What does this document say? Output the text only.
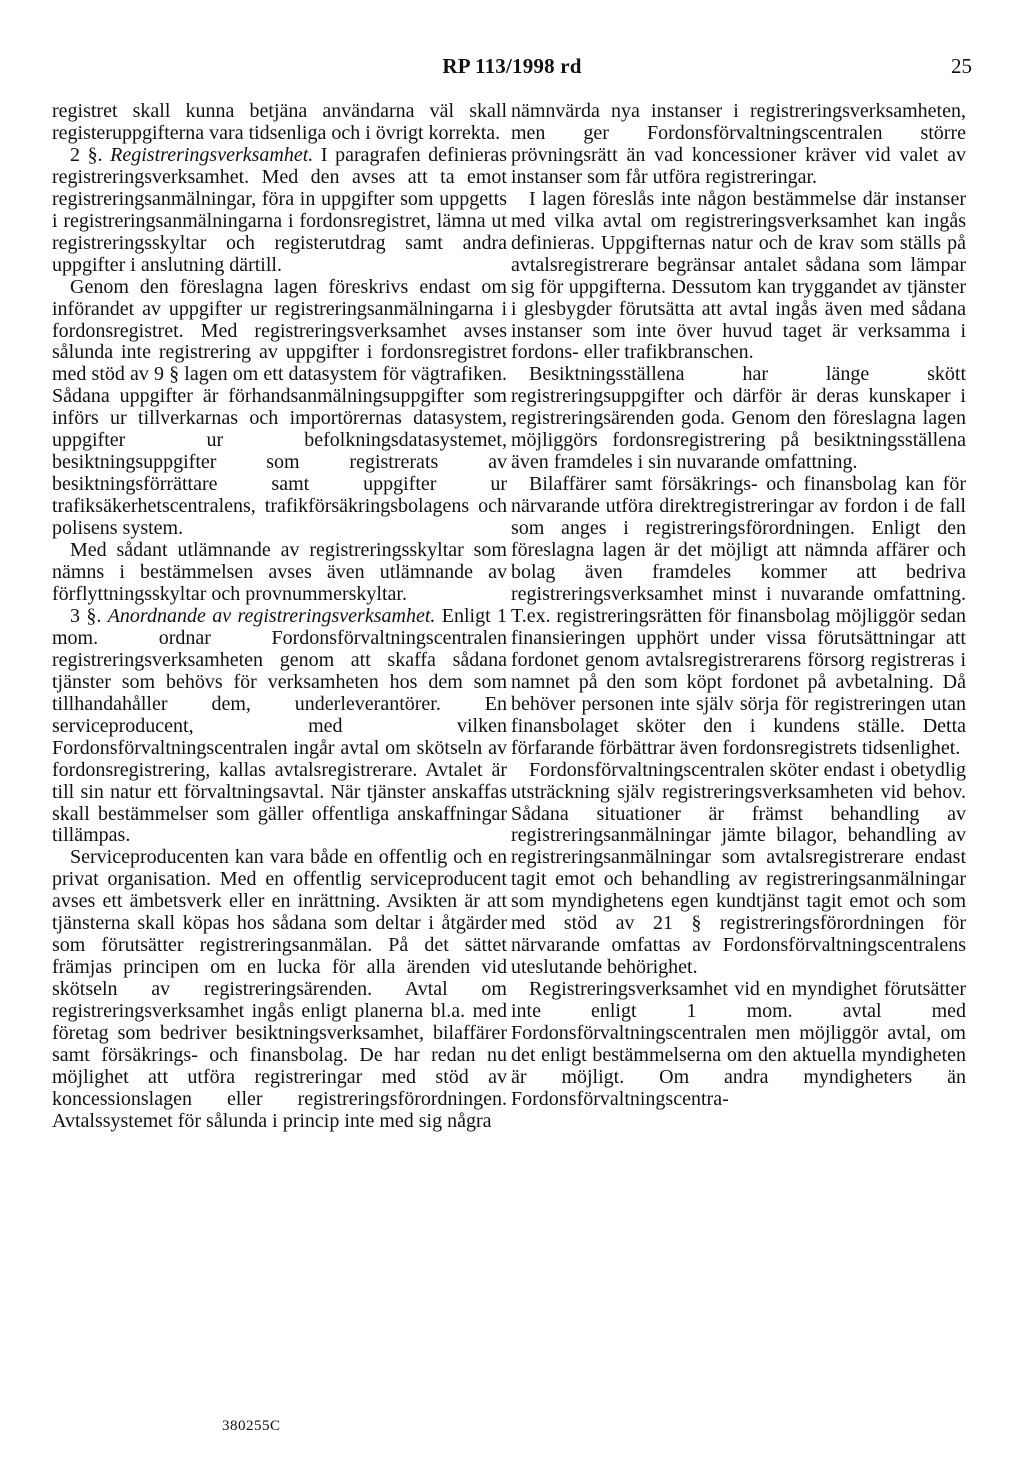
RP 113/1998 rd	25

registret skall kunna betjäna användarna väl skall registeruppgifterna vara tidsenliga och i övrigt korrekta.

2 §. Registreringsverksamhet. I paragrafen definieras registreringsverksamhet. Med den avses att ta emot registreringsanmälningar, föra in uppgifter som uppgetts i registreringsanmälningarna i fordonsregistret, lämna ut registreringsskyltar och registerutdrag samt andra uppgifter i anslutning därtill.

Genom den föreslagna lagen föreskrivs endast om införandet av uppgifter ur registreringsanmälningarna i fordonsregistret. Med registreringsverksamhet avses sålunda inte registrering av uppgifter i fordonsregistret med stöd av 9 § lagen om ett datasystem för vägtrafiken. Sådana uppgifter är förhandsanmälningsuppgifter som införs ur tillverkarnas och importörernas datasystem, uppgifter ur befolkningsdatasystemet, besiktningsuppgifter som registrerats av besiktningsförrättare samt uppgifter ur trafiksäkerhetscentralens, trafikförsäkringsbolagens och polisens system.

Med sådant utlämnande av registreringsskyltar som nämns i bestämmelsen avses även utlämnande av förflyttningsskyltar och provnummerskyltar.

3 §. Anordnande av registreringsverksamhet. Enligt 1 mom. ordnar Fordonsförvaltningscentralen registreringsverksamheten genom att skaffa sådana tjänster som behövs för verksamheten hos dem som tillhandahåller dem, underleverantörer. En serviceproducent, med vilken Fordonsförvaltningscentralen ingår avtal om skötseln av fordonsregistrering, kallas avtalsregistrerare. Avtalet är till sin natur ett förvaltningsavtal. När tjänster anskaffas skall bestämmelser som gäller offentliga anskaffningar tillämpas.

Serviceproducenten kan vara både en offentlig och en privat organisation. Med en offentlig serviceproducent avses ett ämbetsverk eller en inrättning. Avsikten är att tjänsterna skall köpas hos sådana som deltar i åtgärder som förutsätter registreringsanmälan. På det sättet främjas principen om en lucka för alla ärenden vid skötseln av registreringsärenden. Avtal om registreringsverksamhet ingås enligt planerna bl.a. med företag som bedriver besiktningsverksamhet, bilaffärer samt försäkrings- och finansbolag. De har redan nu möjlighet att utföra registreringar med stöd av koncessionslagen eller registreringsförordningen. Avtalssystemet för sålunda i princip inte med sig några

nämnvärda nya instanser i registreringsverksamheten, men ger Fordonsförvaltningscentralen större prövningsrätt än vad koncessioner kräver vid valet av instanser som får utföra registreringar.

I lagen föreslås inte någon bestämmelse där instanser med vilka avtal om registreringsverksamhet kan ingås definieras. Uppgifternas natur och de krav som ställs på avtalsregistrerare begränsar antalet sådana som lämpar sig för uppgifterna. Dessutom kan tryggandet av tjänster i glesbygder förutsätta att avtal ingås även med sådana instanser som inte över huvud taget är verksamma i fordons- eller trafikbranschen.

Besiktningsställena har länge skött registreringsuppgifter och därför är deras kunskaper i registreringsärenden goda. Genom den föreslagna lagen möjliggörs fordonsregistrering på besiktningsställena även framdeles i sin nuvarande omfattning.

Bilaffärer samt försäkrings- och finansbolag kan för närvarande utföra direktregistreringar av fordon i de fall som anges i registreringsförordningen. Enligt den föreslagna lagen är det möjligt att nämnda affärer och bolag även framdeles kommer att bedriva registreringsverksamhet minst i nuvarande omfattning. T.ex. registreringsrätten för finansbolag möjliggör sedan finansieringen upphört under vissa förutsättningar att fordonet genom avtalsregistrerarens försorg registreras i namnet på den som köpt fordonet på avbetalning. Då behöver personen inte själv sörja för registreringen utan finansbolaget sköter den i kundens ställe. Detta förfarande förbättrar även fordonsregistrets tidsenlighet.

Fordonsförvaltningscentralen sköter endast i obetydlig utsträckning själv registreringsverksamheten vid behov. Sådana situationer är främst behandling av registreringsanmälningar jämte bilagor, behandling av registreringsanmälningar som avtalsregistrerare endast tagit emot och behandling av registreringsanmälningar som myndighetens egen kundtjänst tagit emot och som med stöd av 21 § registreringsförordningen för närvarande omfattas av Fordonsförvaltningscentralens uteslutande behörighet.

Registreringsverksamhet vid en myndighet förutsätter inte enligt 1 mom. avtal med Fordonsförvaltningscentralen men möjliggör avtal, om det enligt bestämmelserna om den aktuella myndigheten är möjligt. Om andra myndigheters än Fordonsförvaltningscentra-

380255C
